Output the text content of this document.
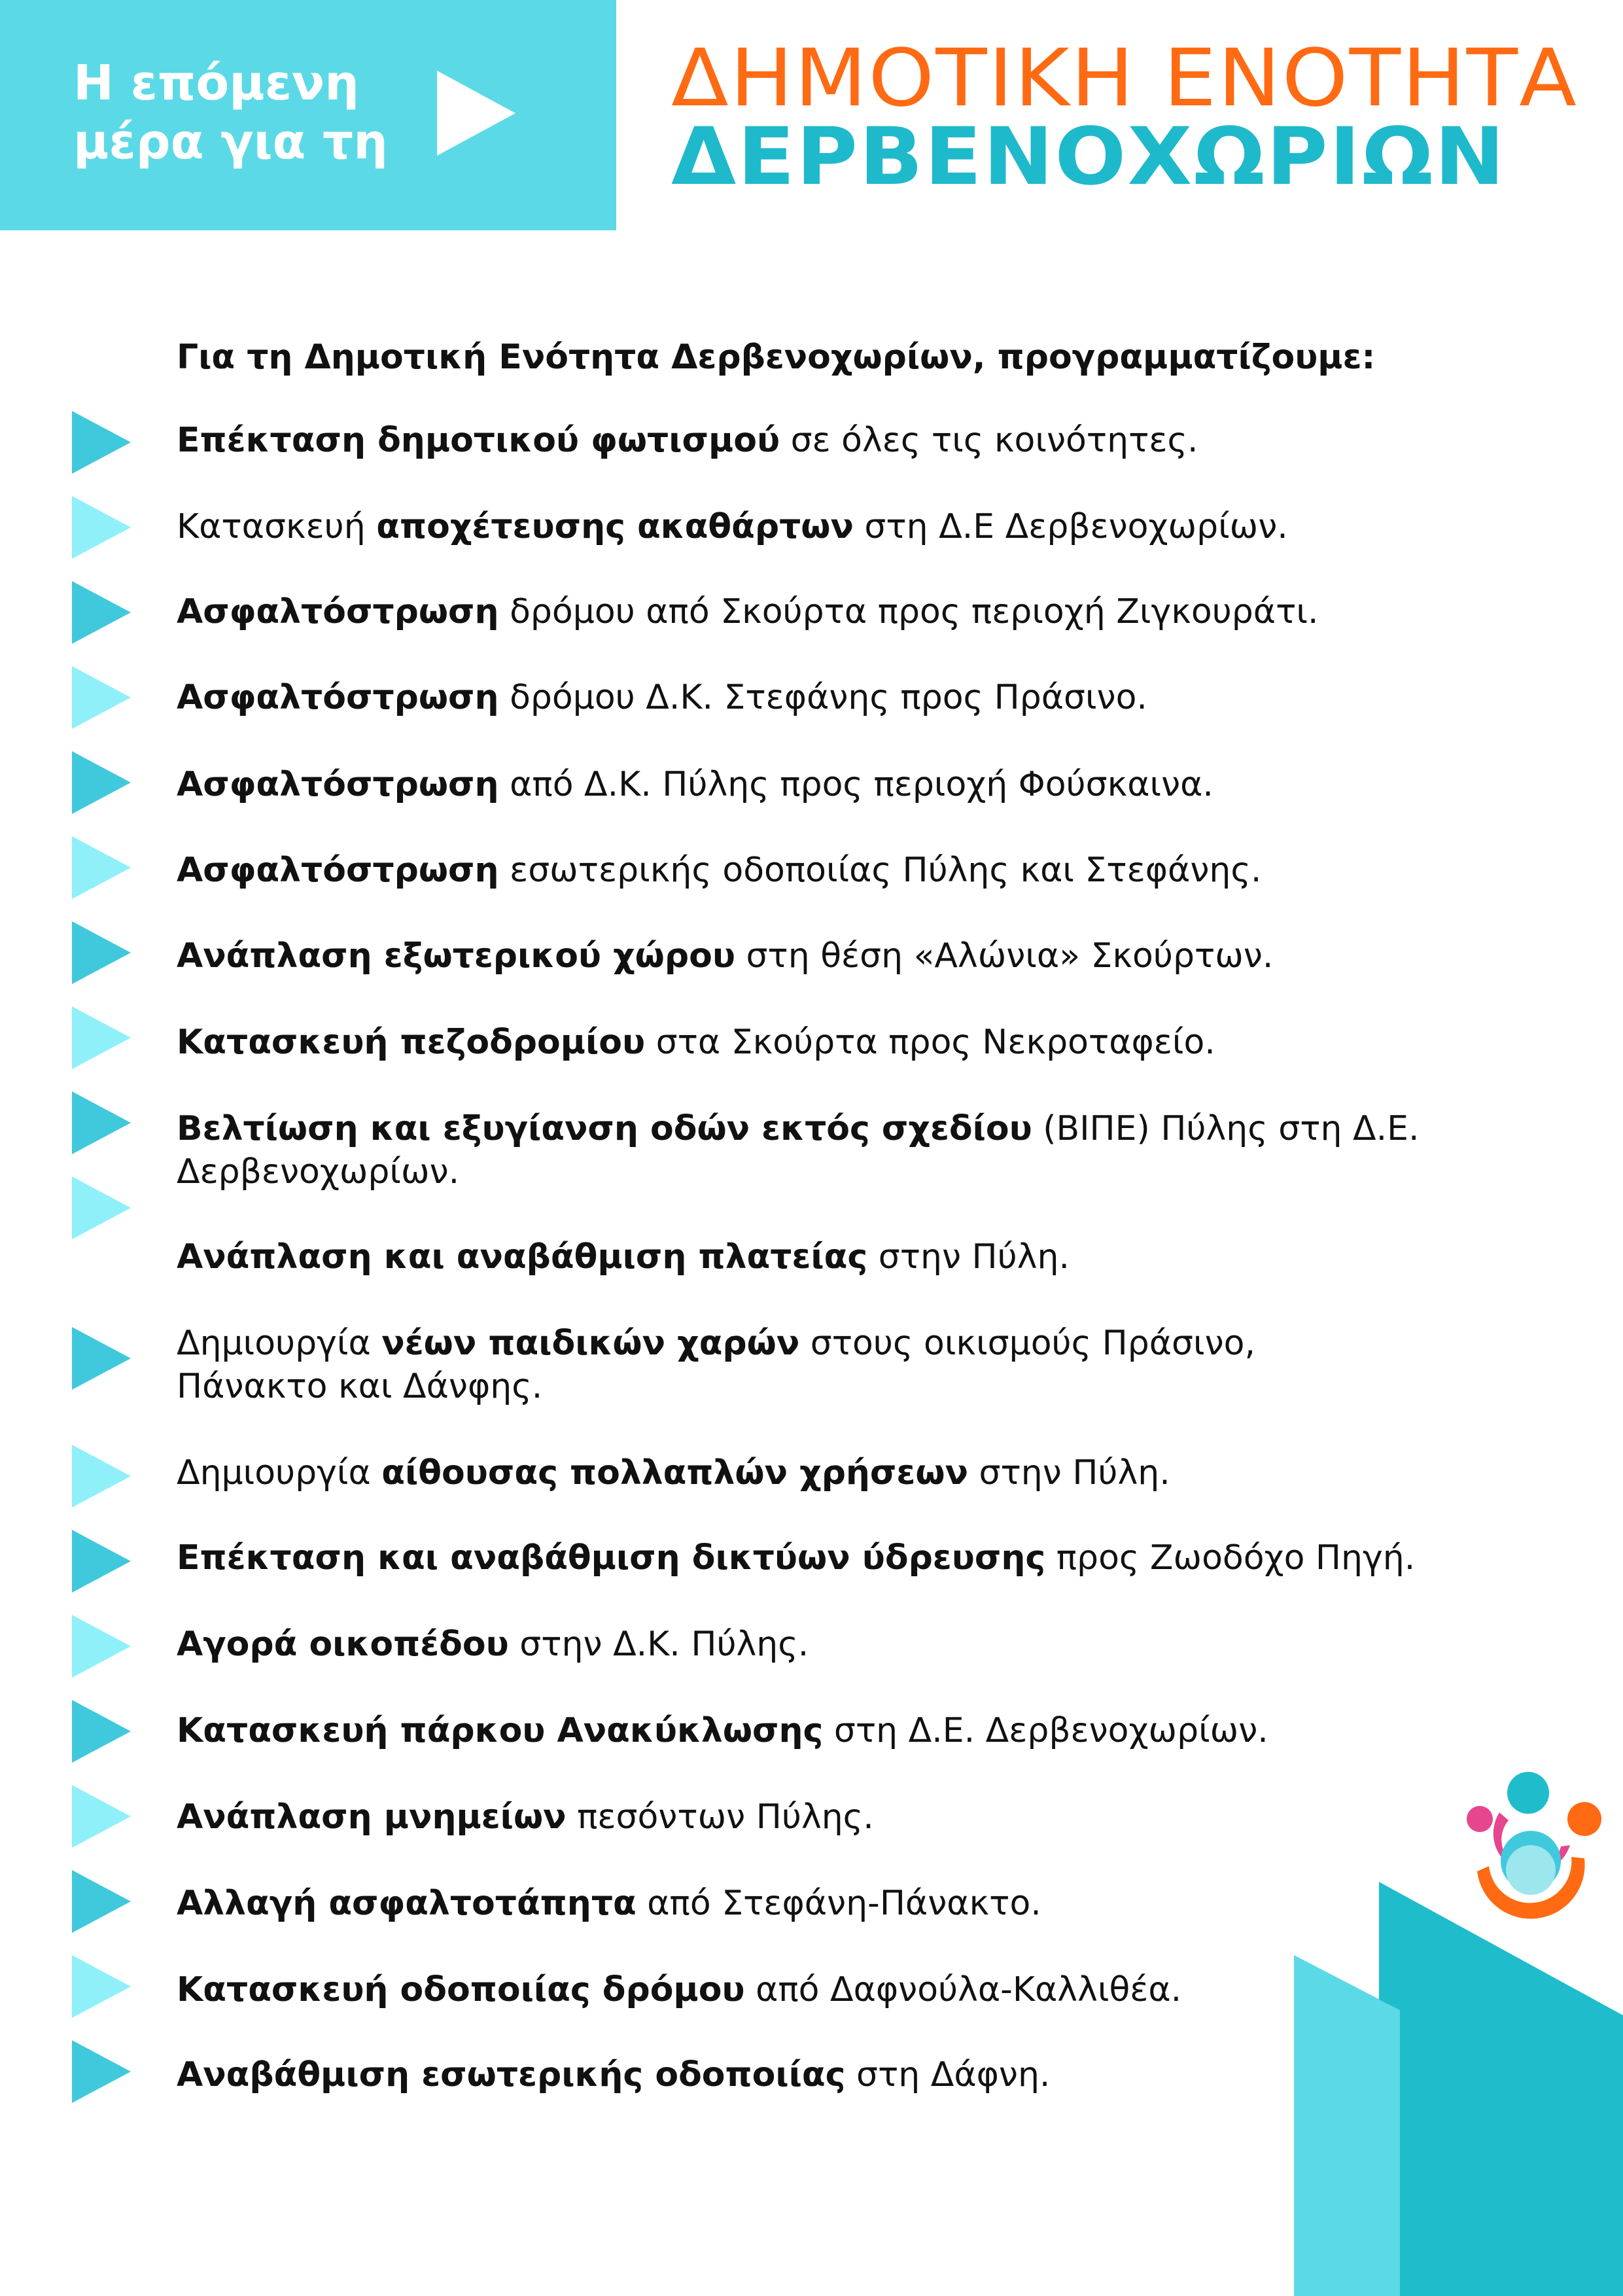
Η επόμενη
μέρα για τη
ΔΗΜΟΤΙΚΗ ΕΝΟΤΗΤΑ
ΔΕΡΒΕΝΟΧΩΡΙΩΝ
Για τη Δημοτική Ενότητα Δερβενοχωρίων, προγραμματίζουμε:
Επέκταση δημοτικού φωτισμού σε όλες τις κοινότητες.
Κατασκευή αποχέτευσης ακαθάρτων στη Δ.Ε Δερβενοχωρίων.
Ασφαλτόστρωση δρόμου από Σκούρτα προς περιοχή Ζιγκουράτι.
Ασφαλτόστρωση δρόμου Δ.Κ. Στεφάνης προς Πράσινο.
Ασφαλτόστρωση από Δ.Κ. Πύλης προς περιοχή Φούσκαινα.
Ασφαλτόστρωση εσωτερικής οδοποιίας Πύλης και Στεφάνης.
Ανάπλαση εξωτερικού χώρου στη θέση «Αλώνια» Σκούρτων.
Κατασκευή πεζοδρομίου στα Σκούρτα προς Νεκροταφείο.
Βελτίωση και εξυγίανση οδών εκτός σχεδίου (ΒΙΠΕ) Πύλης στη Δ.Ε.
Δερβενοχωρίων.
Ανάπλαση και αναβάθμιση πλατείας στην Πύλη.
Δημιουργία νέων παιδικών χαρών στους οικισμούς Πράσινο,
Πάνακτο και Δάνφης.
Δημιουργία αίθουσας πολλαπλών χρήσεων στην Πύλη.
Επέκταση και αναβάθμιση δικτύων ύδρευσης προς Ζωοδόχο Πηγή.
Αγορά οικοπέδου στην Δ.Κ. Πύλης.
Κατασκευή πάρκου Ανακύκλωσης στη Δ.Ε. Δερβενοχωρίων.
Ανάπλαση μνημείων πεσόντων Πύλης.
Αλλαγή ασφαλτοτάπητα από Στεφάνη-Πάνακτο.
Κατασκευή οδοποιίας δρόμου από Δαφνούλα-Καλλιθέα.
Αναβάθμιση εσωτερικής οδοποιίας στη Δάφνη.
